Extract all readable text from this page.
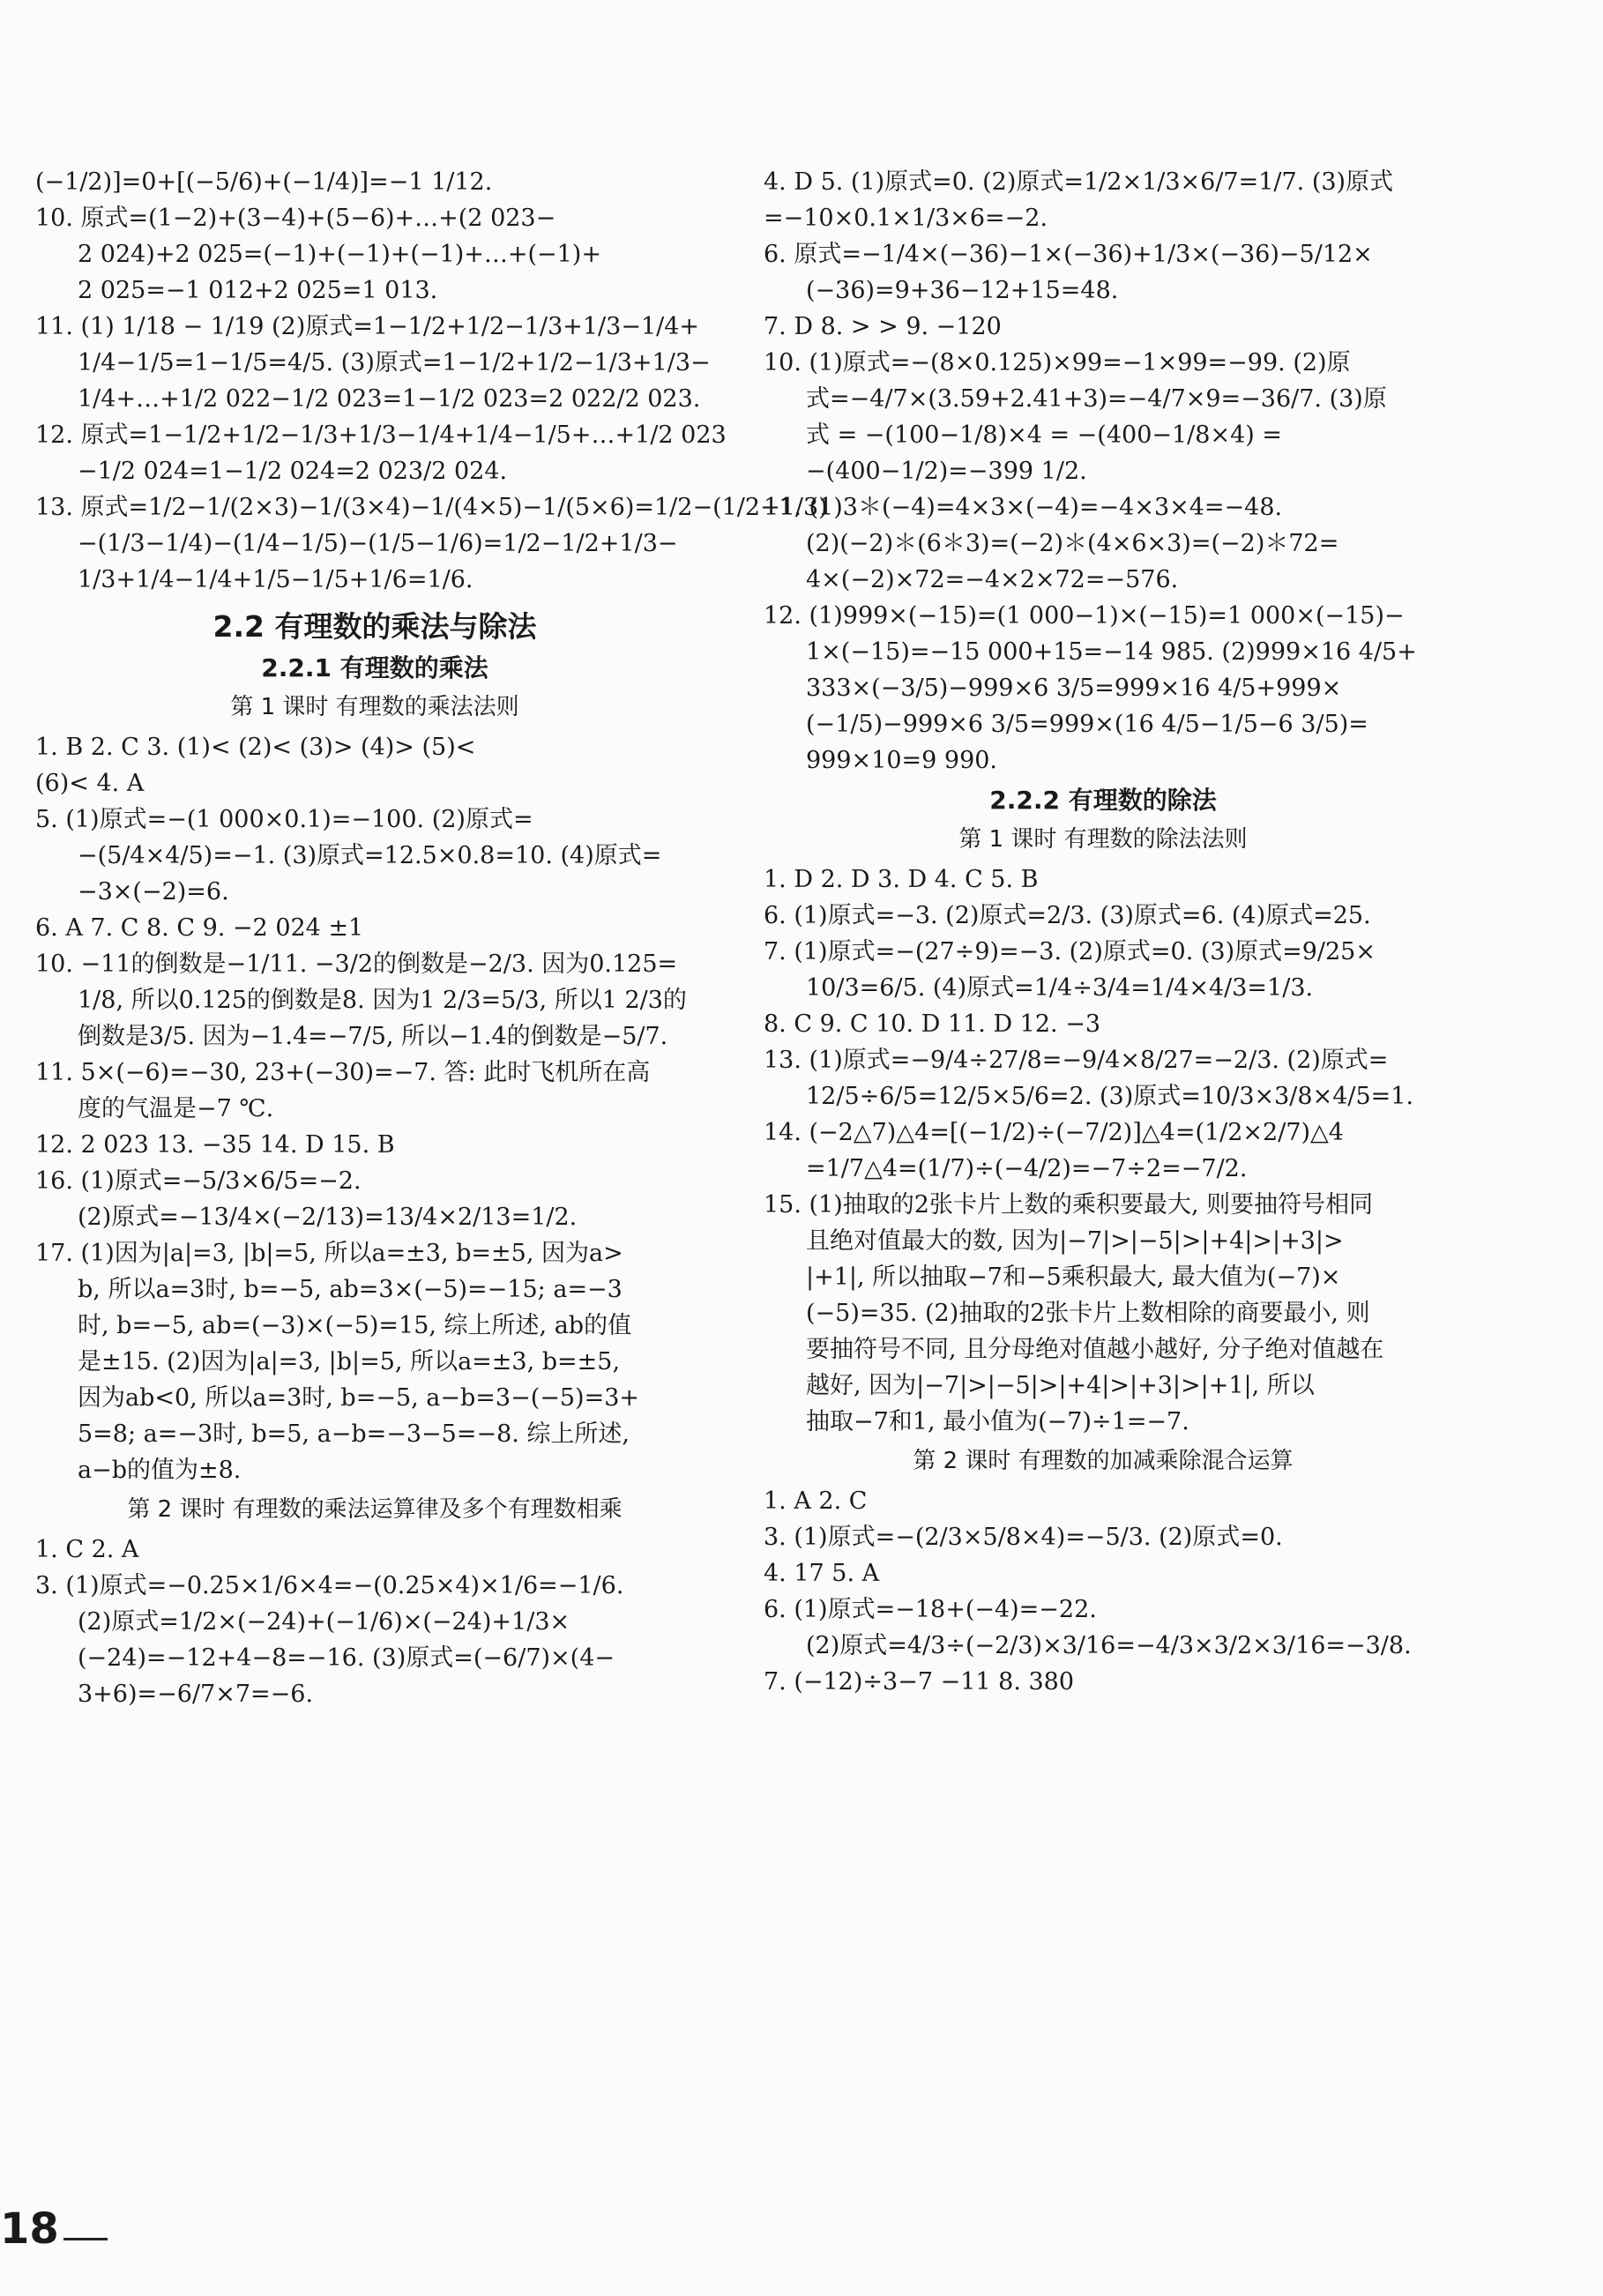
(−1/2)]=0+[(−5/6)+(−1/4)]=−1 1/12.

10. 原式=(1−2)+(3−4)+(5−6)+…+(2 023−

2 024)+2 025=(−1)+(−1)+(−1)+…+(−1)+

2 025=−1 012+2 025=1 013.

11. (1) 1/18 − 1/19 (2)原式=1−1/2+1/2−1/3+1/3−1/4+

1/4−1/5=1−1/5=4/5. (3)原式=1−1/2+1/2−1/3+1/3−

1/4+…+1/2 022−1/2 023=1−1/2 023=2 022/2 023.

12. 原式=1−1/2+1/2−1/3+1/3−1/4+1/4−1/5+…+1/2 023

−1/2 024=1−1/2 024=2 023/2 024.

13. 原式=1/2−1/(2×3)−1/(3×4)−1/(4×5)−1/(5×6)=1/2−(1/2−1/3)

−(1/3−1/4)−(1/4−1/5)−(1/5−1/6)=1/2−1/2+1/3−

1/3+1/4−1/4+1/5−1/5+1/6=1/6.

2.2 有理数的乘法与除法
2.2.1 有理数的乘法
第 1 课时 有理数的乘法法则

1. B 2. C 3. (1)< (2)< (3)> (4)> (5)<

(6)< 4. A

5. (1)原式=−(1 000×0.1)=−100. (2)原式=

−(5/4×4/5)=−1. (3)原式=12.5×0.8=10. (4)原式=

−3×(−2)=6.

6. A 7. C 8. C 9. −2 024 ±1

10. −11的倒数是−1/11. −3/2的倒数是−2/3. 因为0.125=

1/8, 所以0.125的倒数是8. 因为1 2/3=5/3, 所以1 2/3的

倒数是3/5. 因为−1.4=−7/5, 所以−1.4的倒数是−5/7.

11. 5×(−6)=−30, 23+(−30)=−7. 答: 此时飞机所在高

度的气温是−7 ℃.

12. 2 023 13. −35 14. D 15. B

16. (1)原式=−5/3×6/5=−2.

(2)原式=−13/4×(−2/13)=13/4×2/13=1/2.

17. (1)因为|a|=3, |b|=5, 所以a=±3, b=±5, 因为a>

b, 所以a=3时, b=−5, ab=3×(−5)=−15; a=−3

时, b=−5, ab=(−3)×(−5)=15, 综上所述, ab的值

是±15. (2)因为|a|=3, |b|=5, 所以a=±3, b=±5,

因为ab<0, 所以a=3时, b=−5, a−b=3−(−5)=3+

5=8; a=−3时, b=5, a−b=−3−5=−8. 综上所述,

a−b的值为±8.

第 2 课时 有理数的乘法运算律及多个有理数相乘

1. C 2. A

3. (1)原式=−0.25×1/6×4=−(0.25×4)×1/6=−1/6.

(2)原式=1/2×(−24)+(−1/6)×(−24)+1/3×

(−24)=−12+4−8=−16. (3)原式=(−6/7)×(4−

3+6)=−6/7×7=−6.

4. D 5. (1)原式=0. (2)原式=1/2×1/3×6/7=1/7. (3)原式

=−10×0.1×1/3×6=−2.

6. 原式=−1/4×(−36)−1×(−36)+1/3×(−36)−5/12×

(−36)=9+36−12+15=48.

7. D 8. > > 9. −120

10. (1)原式=−(8×0.125)×99=−1×99=−99. (2)原

式=−4/7×(3.59+2.41+3)=−4/7×9=−36/7. (3)原

式 = −(100−1/8)×4 = −(400−1/8×4) =

−(400−1/2)=−399 1/2.

11. (1)3＊(−4)=4×3×(−4)=−4×3×4=−48.

(2)(−2)＊(6＊3)=(−2)＊(4×6×3)=(−2)＊72=

4×(−2)×72=−4×2×72=−576.

12. (1)999×(−15)=(1 000−1)×(−15)=1 000×(−15)−

1×(−15)=−15 000+15=−14 985. (2)999×16 4/5+

333×(−3/5)−999×6 3/5=999×16 4/5+999×

(−1/5)−999×6 3/5=999×(16 4/5−1/5−6 3/5)=

999×10=9 990.

2.2.2 有理数的除法
第 1 课时 有理数的除法法则

1. D 2. D 3. D 4. C 5. B

6. (1)原式=−3. (2)原式=2/3. (3)原式=6. (4)原式=25.

7. (1)原式=−(27÷9)=−3. (2)原式=0. (3)原式=9/25×

10/3=6/5. (4)原式=1/4÷3/4=1/4×4/3=1/3.

8. C 9. C 10. D 11. D 12. −3

13. (1)原式=−9/4÷27/8=−9/4×8/27=−2/3. (2)原式=

12/5÷6/5=12/5×5/6=2. (3)原式=10/3×3/8×4/5=1.

14. (−2△7)△4=[(−1/2)÷(−7/2)]△4=(1/2×2/7)△4

=1/7△4=(1/7)÷(−4/2)=−7÷2=−7/2.

15. (1)抽取的2张卡片上数的乘积要最大, 则要抽符号相同

且绝对值最大的数, 因为|−7|>|−5|>|+4|>|+3|>

|+1|, 所以抽取−7和−5乘积最大, 最大值为(−7)×

(−5)=35. (2)抽取的2张卡片上数相除的商要最小, 则

要抽符号不同, 且分母绝对值越小越好, 分子绝对值越在

越好, 因为|−7|>|−5|>|+4|>|+3|>|+1|, 所以

抽取−7和1, 最小值为(−7)÷1=−7.

第 2 课时 有理数的加减乘除混合运算

1. A 2. C

3. (1)原式=−(2/3×5/8×4)=−5/3. (2)原式=0.

4. 17 5. A

6. (1)原式=−18+(−4)=−22.

(2)原式=4/3÷(−2/3)×3/16=−4/3×3/2×3/16=−3/8.

7. (−12)÷3−7 −11 8. 380

18
